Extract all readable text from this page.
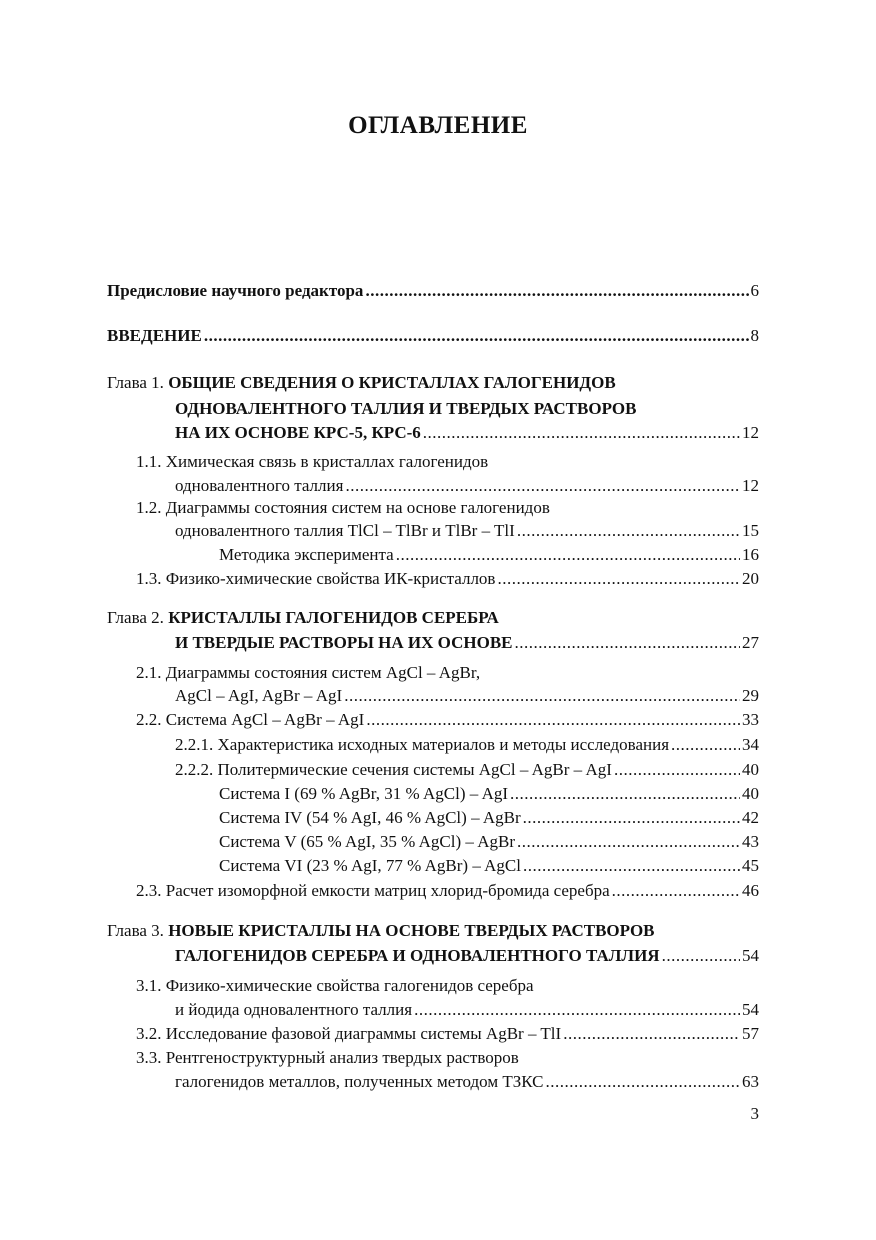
ОГЛАВЛЕНИЕ
Предисловие научного редактора .....	6
ВВЕДЕНИЕ .....	8
Глава 1. ОБЩИЕ СВЕДЕНИЯ О КРИСТАЛЛАХ ГАЛОГЕНИДОВ
ОДНОВАЛЕНТНОГО ТАЛЛИЯ И ТВЕРДЫХ РАСТВОРОВ
НА ИХ ОСНОВЕ КРС-5, КРС-6 .....	12
1.1. Химическая связь в кристаллах галогенидов
одновалентного таллия .....	12
1.2. Диаграммы состояния систем на основе галогенидов
одновалентного таллия TlCl – TlBr и TlBr – TlI .....	15
Методика эксперимента .....	16
1.3. Физико-химические свойства ИК-кристаллов .....	20
Глава 2. КРИСТАЛЛЫ ГАЛОГЕНИДОВ СЕРЕБРА
И ТВЕРДЫЕ РАСТВОРЫ НА ИХ ОСНОВЕ .....	27
2.1. Диаграммы состояния систем AgCl – AgBr,
AgCl – AgI, AgBr – AgI .....	29
2.2. Система AgCl – AgBr – AgI .....	33
2.2.1. Характеристика исходных материалов и методы исследования .....	34
2.2.2. Политермические сечения системы AgCl – AgBr – AgI .....	40
Система I (69 % AgBr, 31 % AgCl) – AgI .....	40
Система IV (54 % AgI, 46 % AgCl) – AgBr .....	42
Система V (65 % AgI, 35 % AgCl) – AgBr .....	43
Система VI (23 % AgI, 77 % AgBr) – AgCl .....	45
2.3. Расчет изоморфной емкости матриц хлорид-бромида серебра .....	46
Глава 3. НОВЫЕ КРИСТАЛЛЫ НА ОСНОВЕ ТВЕРДЫХ РАСТВОРОВ
ГАЛОГЕНИДОВ СЕРЕБРА И ОДНОВАЛЕНТНОГО ТАЛЛИЯ .....	54
3.1. Физико-химические свойства галогенидов серебра
и йодида одновалентного таллия .....	54
3.2. Исследование фазовой диаграммы системы AgBr – TlI .....	57
3.3. Рентгеноструктурный анализ твердых растворов
галогенидов металлов, полученных методом ТЗКС .....	63
3
